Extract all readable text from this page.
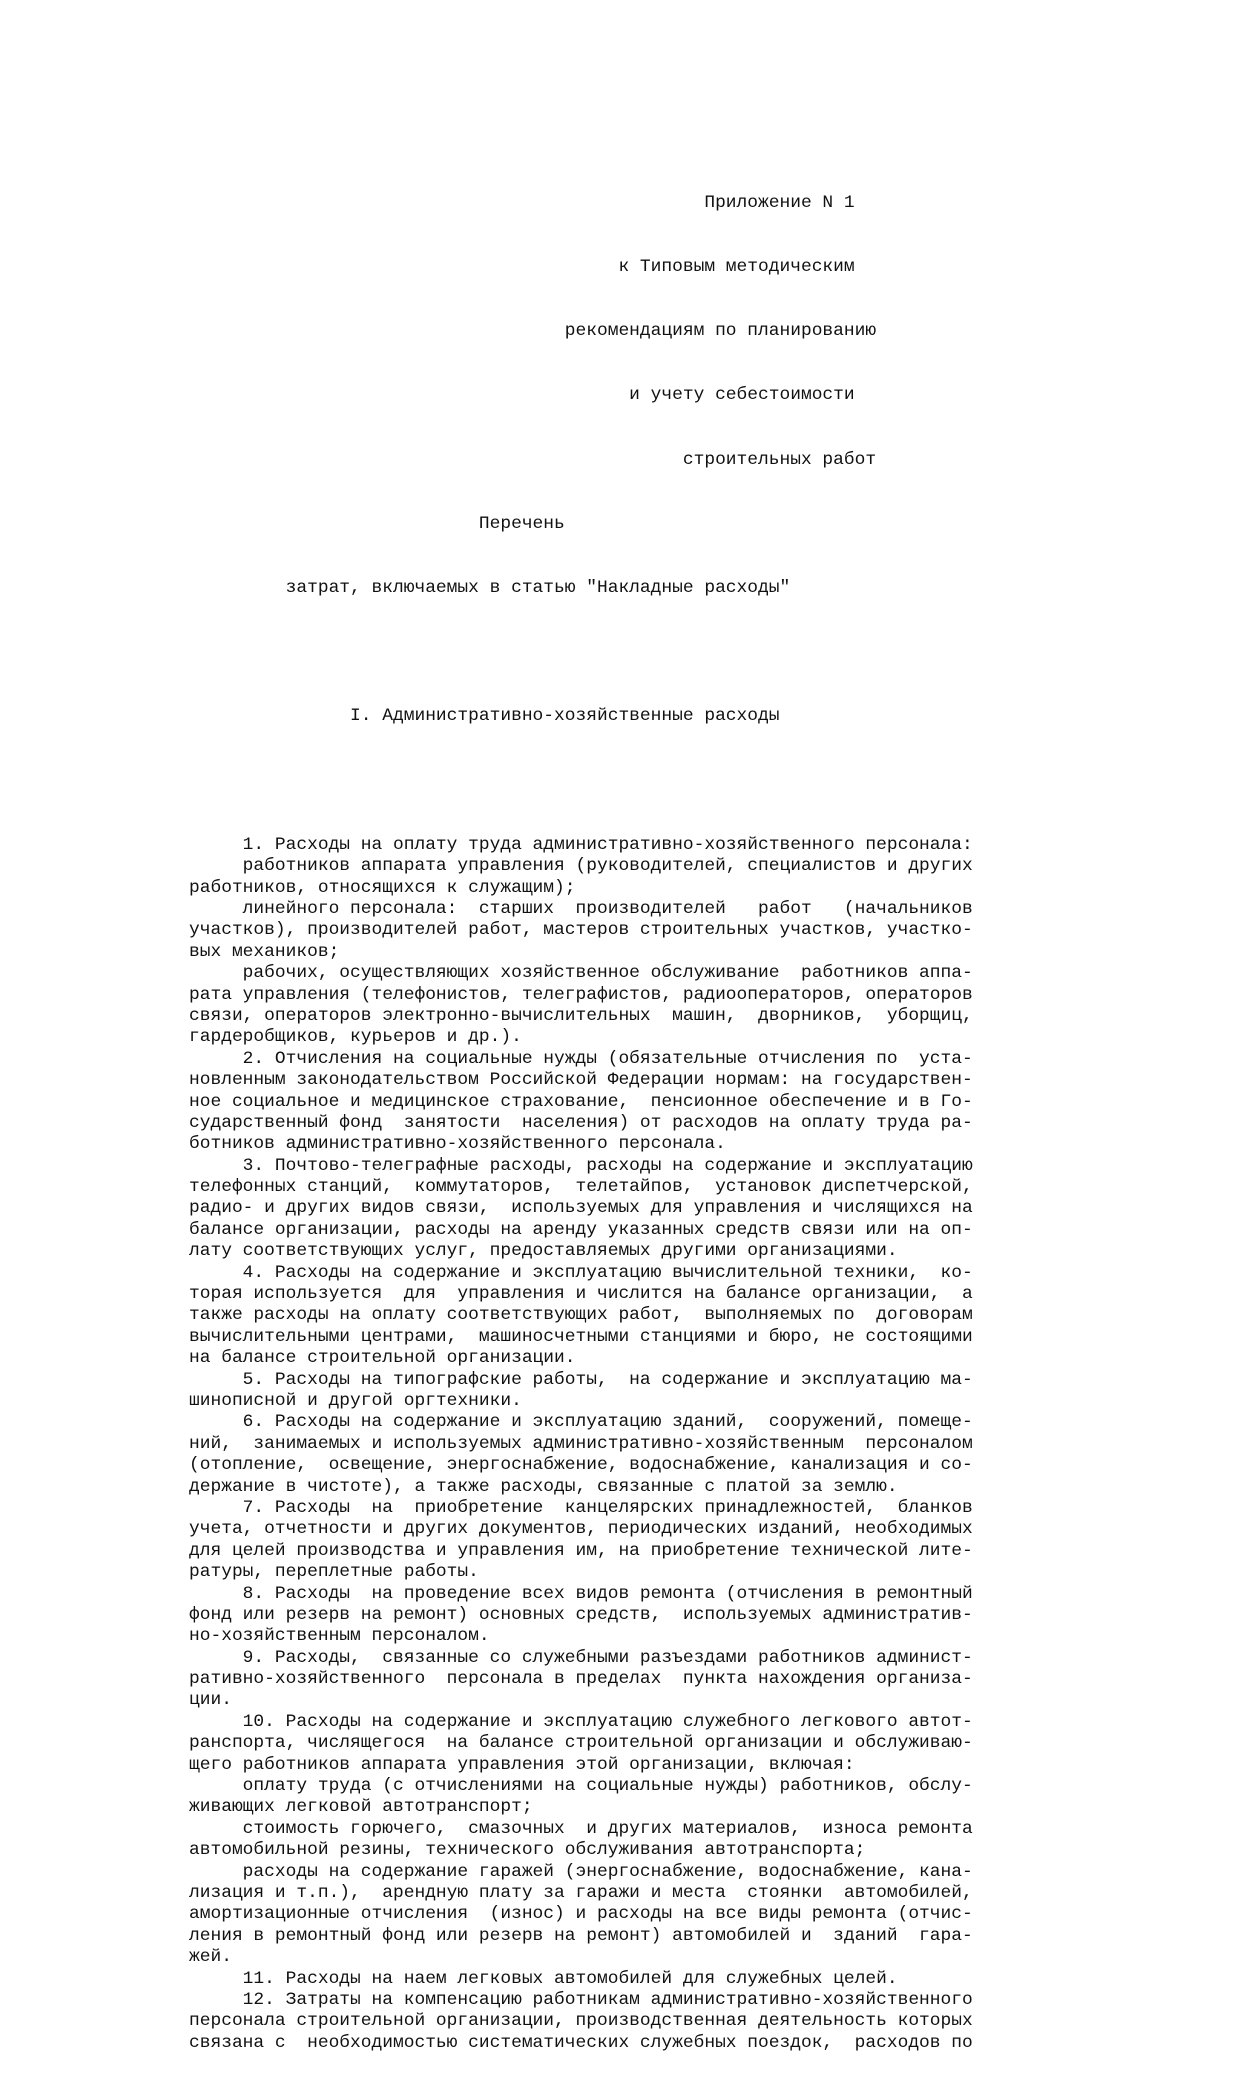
Приложение N 1

к Типовым методическим

рекомендациям по планированию

и учету себестоимости

строительных работ

Перечень

затрат, включаемых в статью "Накладные расходы"

I. Административно-хозяйственные расходы

1. Расходы на оплату труда административно-хозяйственного персонала:
работников аппарата управления (руководителей, специалистов и других
работников, относящихся к служащим);
линейного персонала:  старших  производителей   работ   (начальников
участков), производителей работ, мастеров строительных участков, участко-
вых механиков;
рабочих, осуществляющих хозяйственное обслуживание  работников аппа-
рата управления (телефонистов, телеграфистов, радиооператоров, операторов
связи, операторов электронно-вычислительных  машин,  дворников,  уборщиц,
гардеробщиков, курьеров и др.).
2. Отчисления на социальные нужды (обязательные отчисления по  уста-
новленным законодательством Российской Федерации нормам: на государствен-
ное социальное и медицинское страхование,  пенсионное обеспечение и в Го-
сударственный фонд  занятости  населения) от расходов на оплату труда ра-
ботников административно-хозяйственного персонала.
3. Почтово-телеграфные расходы, расходы на содержание и эксплуатацию
телефонных станций,  коммутаторов,  телетайпов,  установок диспетчерской,
радио- и других видов связи,  используемых для управления и числящихся на
балансе организации, расходы на аренду указанных средств связи или на оп-
лату соответствующих услуг, предоставляемых другими организациями.
4. Расходы на содержание и эксплуатацию вычислительной техники,  ко-
торая используется  для  управления и числится на балансе организации,  а
также расходы на оплату соответствующих работ,  выполняемых по  договорам
вычислительными центрами,  машиносчетными станциями и бюро, не состоящими
на балансе строительной организации.
5. Расходы на типографские работы,  на содержание и эксплуатацию ма-
шинописной и другой оргтехники.
6. Расходы на содержание и эксплуатацию зданий,  сооружений, помеще-
ний,  занимаемых и используемых административно-хозяйственным  персоналом
(отопление,  освещение, энергоснабжение, водоснабжение, канализация и со-
держание в чистоте), а также расходы, связанные с платой за землю.
7. Расходы  на  приобретение  канцелярских принадлежностей,  бланков
учета, отчетности и других документов, периодических изданий, необходимых
для целей производства и управления им, на приобретение технической лите-
ратуры, переплетные работы.
8. Расходы  на проведение всех видов ремонта (отчисления в ремонтный
фонд или резерв на ремонт) основных средств,  используемых административ-
но-хозяйственным персоналом.
9. Расходы,  связанные со служебными разъездами работников админист-
ративно-хозяйственного  персонала в пределах  пункта нахождения организа-
ции.
10. Расходы на содержание и эксплуатацию служебного легкового автот-
ранспорта, числящегося  на балансе строительной организации и обслуживаю-
щего работников аппарата управления этой организации, включая:
оплату труда (с отчислениями на социальные нужды) работников, обслу-
живающих легковой автотранспорт;
стоимость горючего,  смазочных  и других материалов,  износа ремонта
автомобильной резины, технического обслуживания автотранспорта;
расходы на содержание гаражей (энергоснабжение, водоснабжение, кана-
лизация и т.п.),  арендную плату за гаражи и места  стоянки  автомобилей,
амортизационные отчисления  (износ) и расходы на все виды ремонта (отчис-
ления в ремонтный фонд или резерв на ремонт) автомобилей и  зданий  гара-
жей.
11. Расходы на наем легковых автомобилей для служебных целей.
12. Затраты на компенсацию работникам административно-хозяйственного
персонала строительной организации, производственная деятельность которых
связана с  необходимостью систематических служебных поездок,  расходов по
